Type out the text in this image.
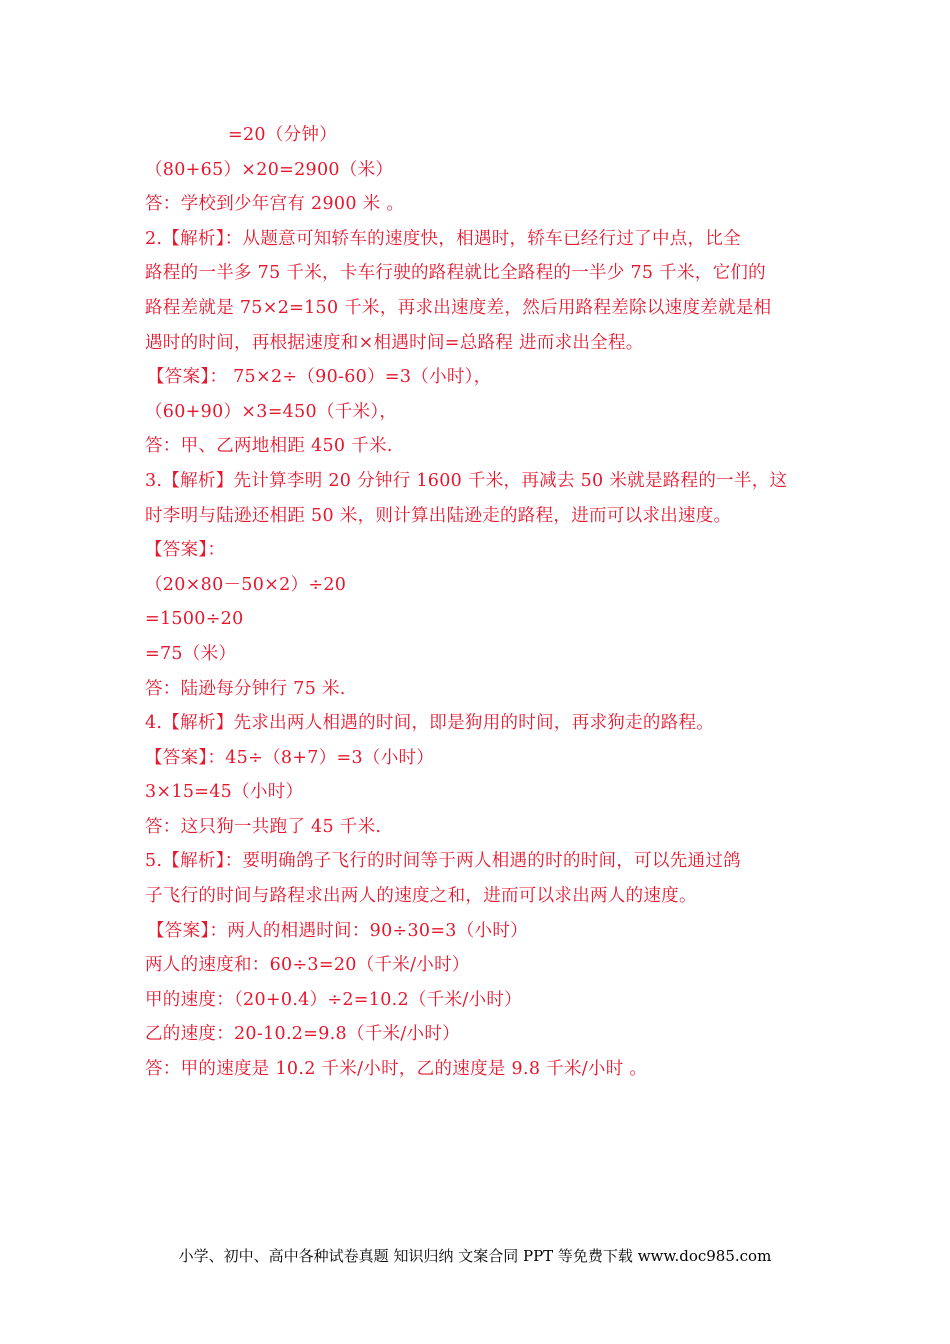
=20（分钟）
（80+65）×20=2900（米）
答：学校到少年宫有 2900 米 。
2.【解析】：从题意可知轿车的速度快，相遇时，轿车已经行过了中点，比全
路程的一半多 75 千米，卡车行驶的路程就比全路程的一半少 75 千米，它们的
路程差就是 75×2=150 千米，再求出速度差，然后用路程差除以速度差就是相
遇时的时间，再根据速度和×相遇时间=总路程 进而求出全程。
【答案】： 75×2÷（90-60）=3（小时），
（60+90）×3=450（千米），
答：甲、乙两地相距 450 千米.
3.【解析】先计算李明 20 分钟行 1600 千米，再减去 50 米就是路程的一半，这
时李明与陆逊还相距 50 米，则计算出陆逊走的路程，进而可以求出速度。
【答案】：
（20×80－50×2）÷20
=1500÷20
=75（米）
答：陆逊每分钟行 75 米.
4.【解析】先求出两人相遇的时间，即是狗用的时间，再求狗走的路程。
【答案】：45÷（8+7）=3（小时）
3×15=45（小时）
答：这只狗一共跑了 45 千米.
5.【解析】：要明确鸽子飞行的时间等于两人相遇的时的时间，可以先通过鸽
子飞行的时间与路程求出两人的速度之和，进而可以求出两人的速度。
【答案】：两人的相遇时间：90÷30=3（小时）
两人的速度和：60÷3=20（千米/小时）
甲的速度：（20+0.4）÷2=10.2（千米/小时）
乙的速度：20-10.2=9.8（千米/小时）
答：甲的速度是 10.2 千米/小时，乙的速度是 9.8 千米/小时 。
小学、初中、高中各种试卷真题 知识归纳 文案合同 PPT 等免费下载 www.doc985.com
